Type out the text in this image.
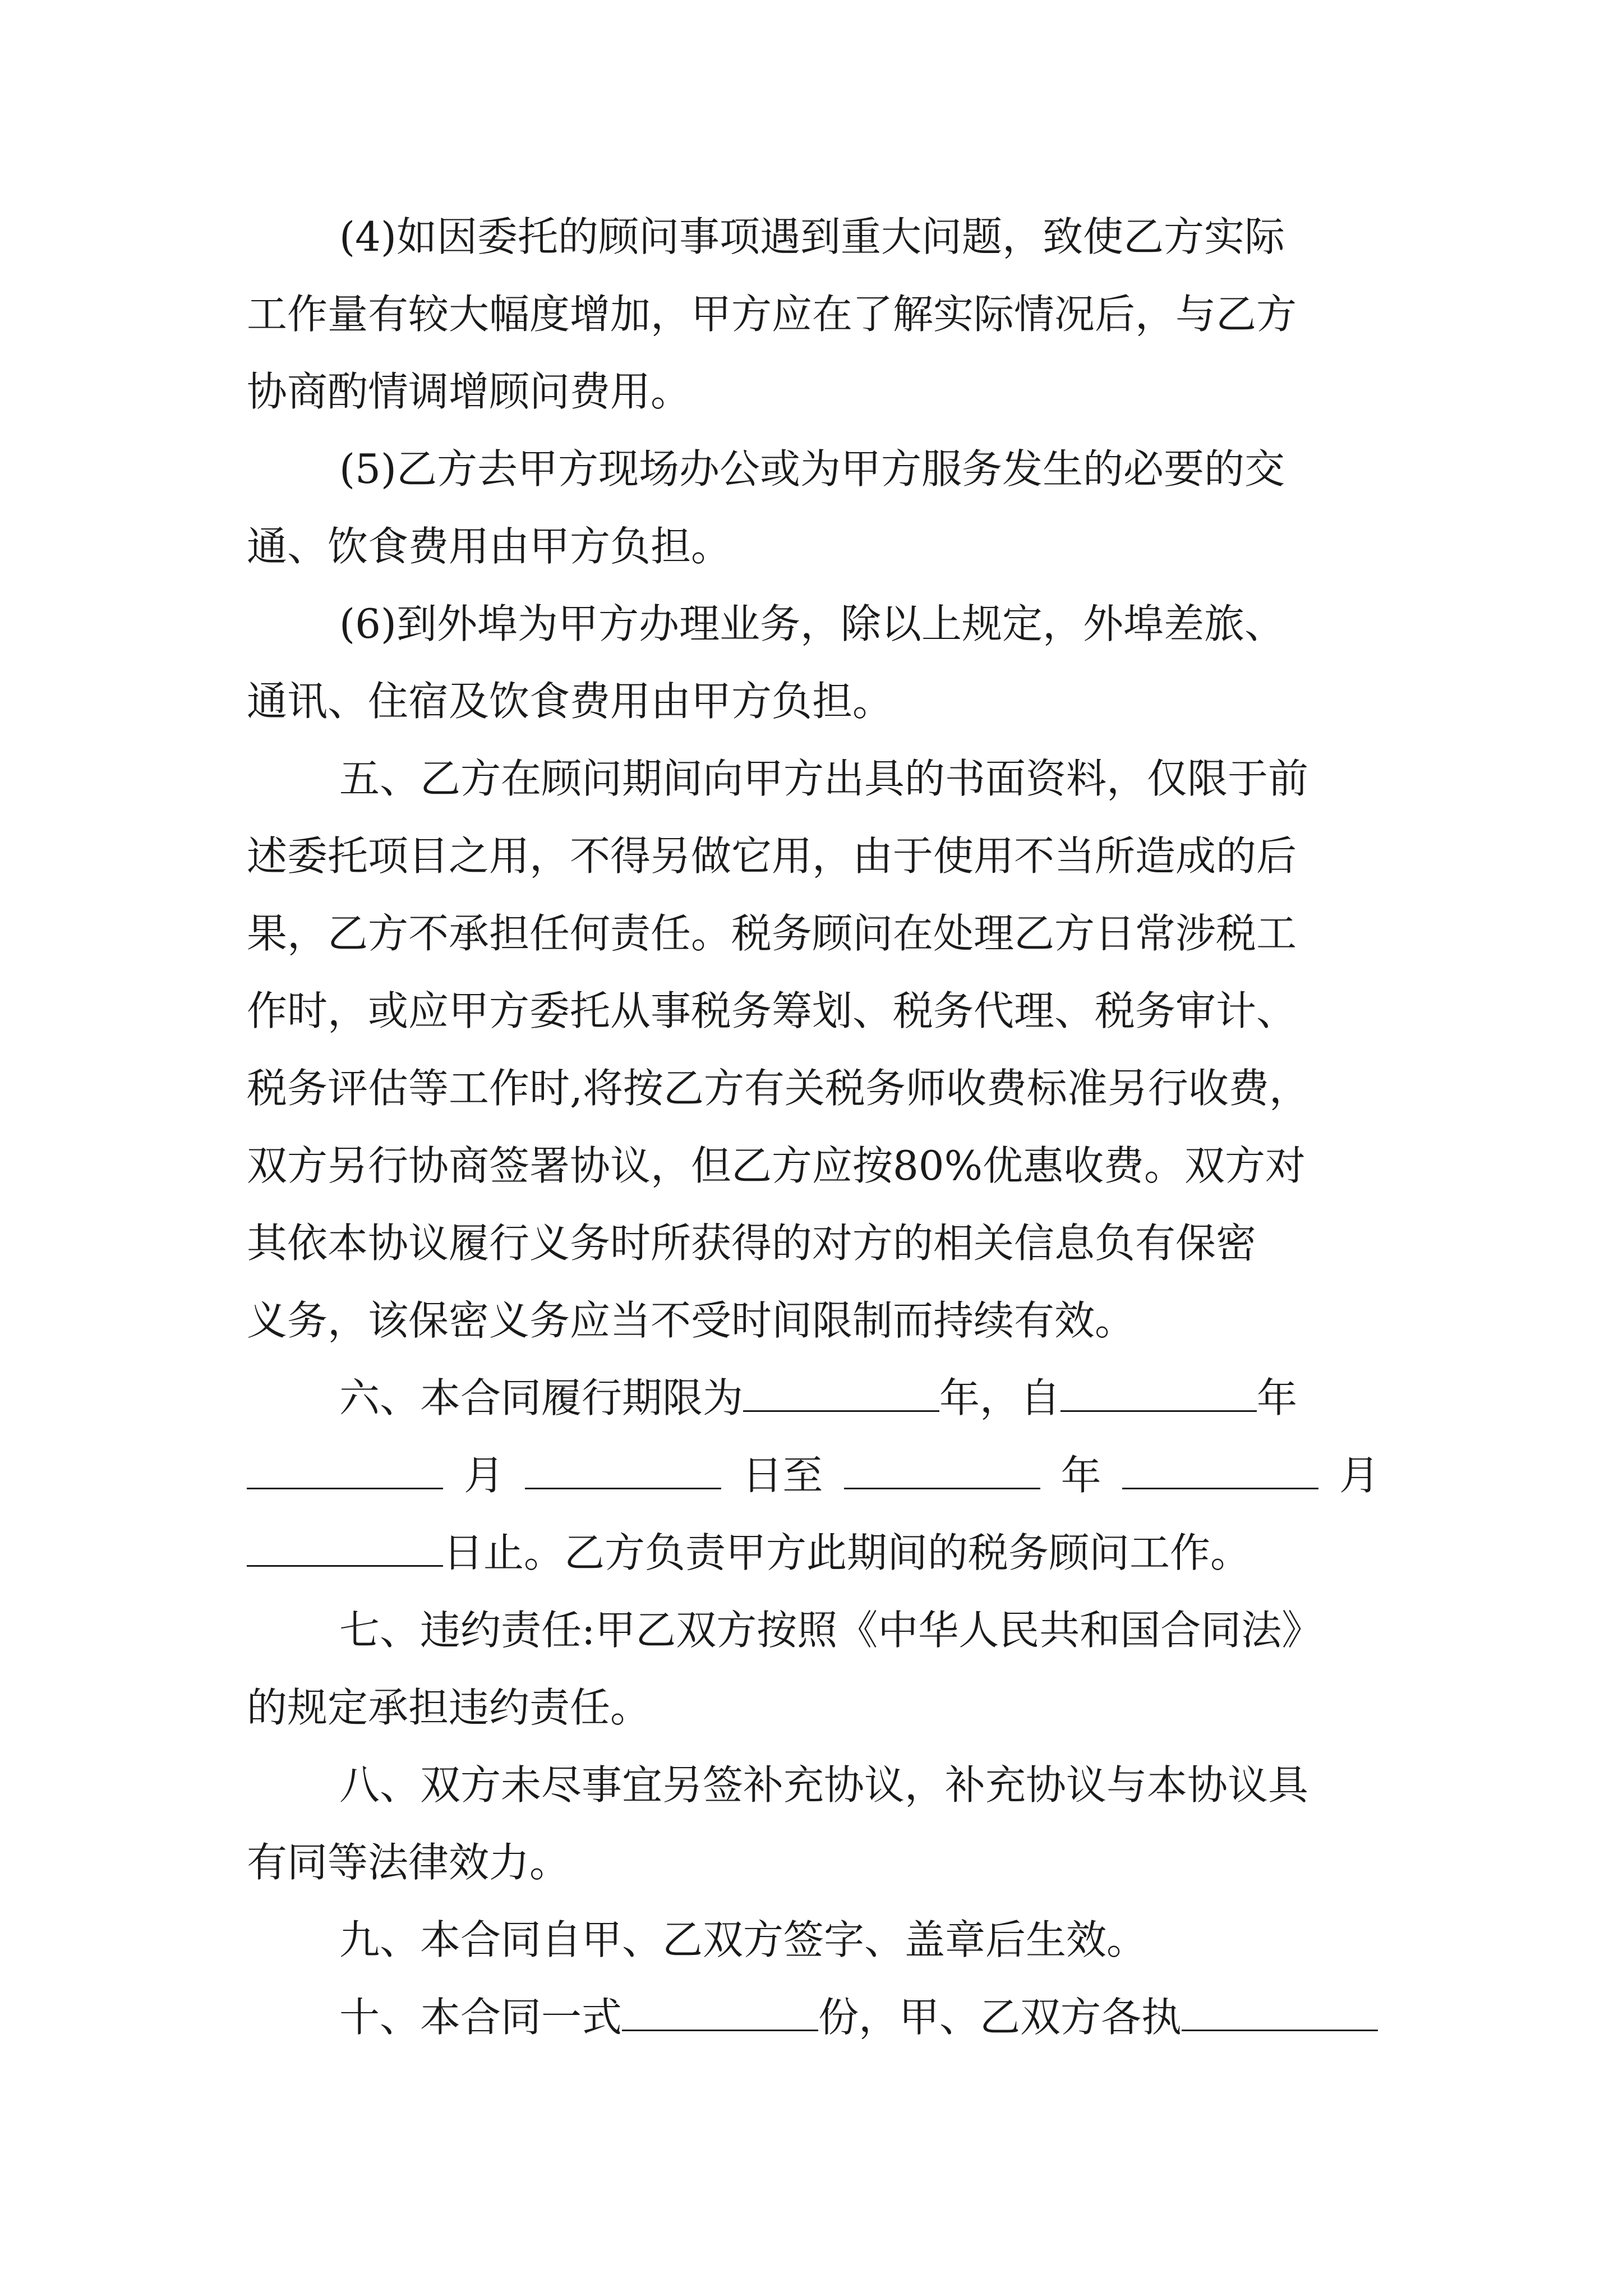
(4)如因委托的顾问事项遇到重大问题，致使乙方实际
工作量有较大幅度增加，甲方应在了解实际情况后，与乙方
协商酌情调增顾问费用。
(5)乙方去甲方现场办公或为甲方服务发生的必要的交
通、饮食费用由甲方负担。
(6)到外埠为甲方办理业务，除以上规定，外埠差旅、
通讯、住宿及饮食费用由甲方负担。
五、乙方在顾问期间向甲方出具的书面资料，仅限于前
述委托项目之用，不得另做它用，由于使用不当所造成的后
果，乙方不承担任何责任。税务顾问在处理乙方日常涉税工
作时，或应甲方委托从事税务筹划、税务代理、税务审计、
税务评估等工作时,将按乙方有关税务师收费标准另行收费，
双方另行协商签署协议，但乙方应按80%优惠收费。双方对
其依本协议履行义务时所获得的对方的相关信息负有保密
义务，该保密义务应当不受时间限制而持续有效。
六、本合同履行期限为	年，自	年
月	日至	年	月
日止。乙方负责甲方此期间的税务顾问工作。
七、违约责任:甲乙双方按照《中华人民共和国合同法》
的规定承担违约责任。
八、双方未尽事宜另签补充协议，补充协议与本协议具
有同等法律效力。
九、本合同自甲、乙双方签字、盖章后生效。
十、本合同一式	份，甲、乙双方各执
